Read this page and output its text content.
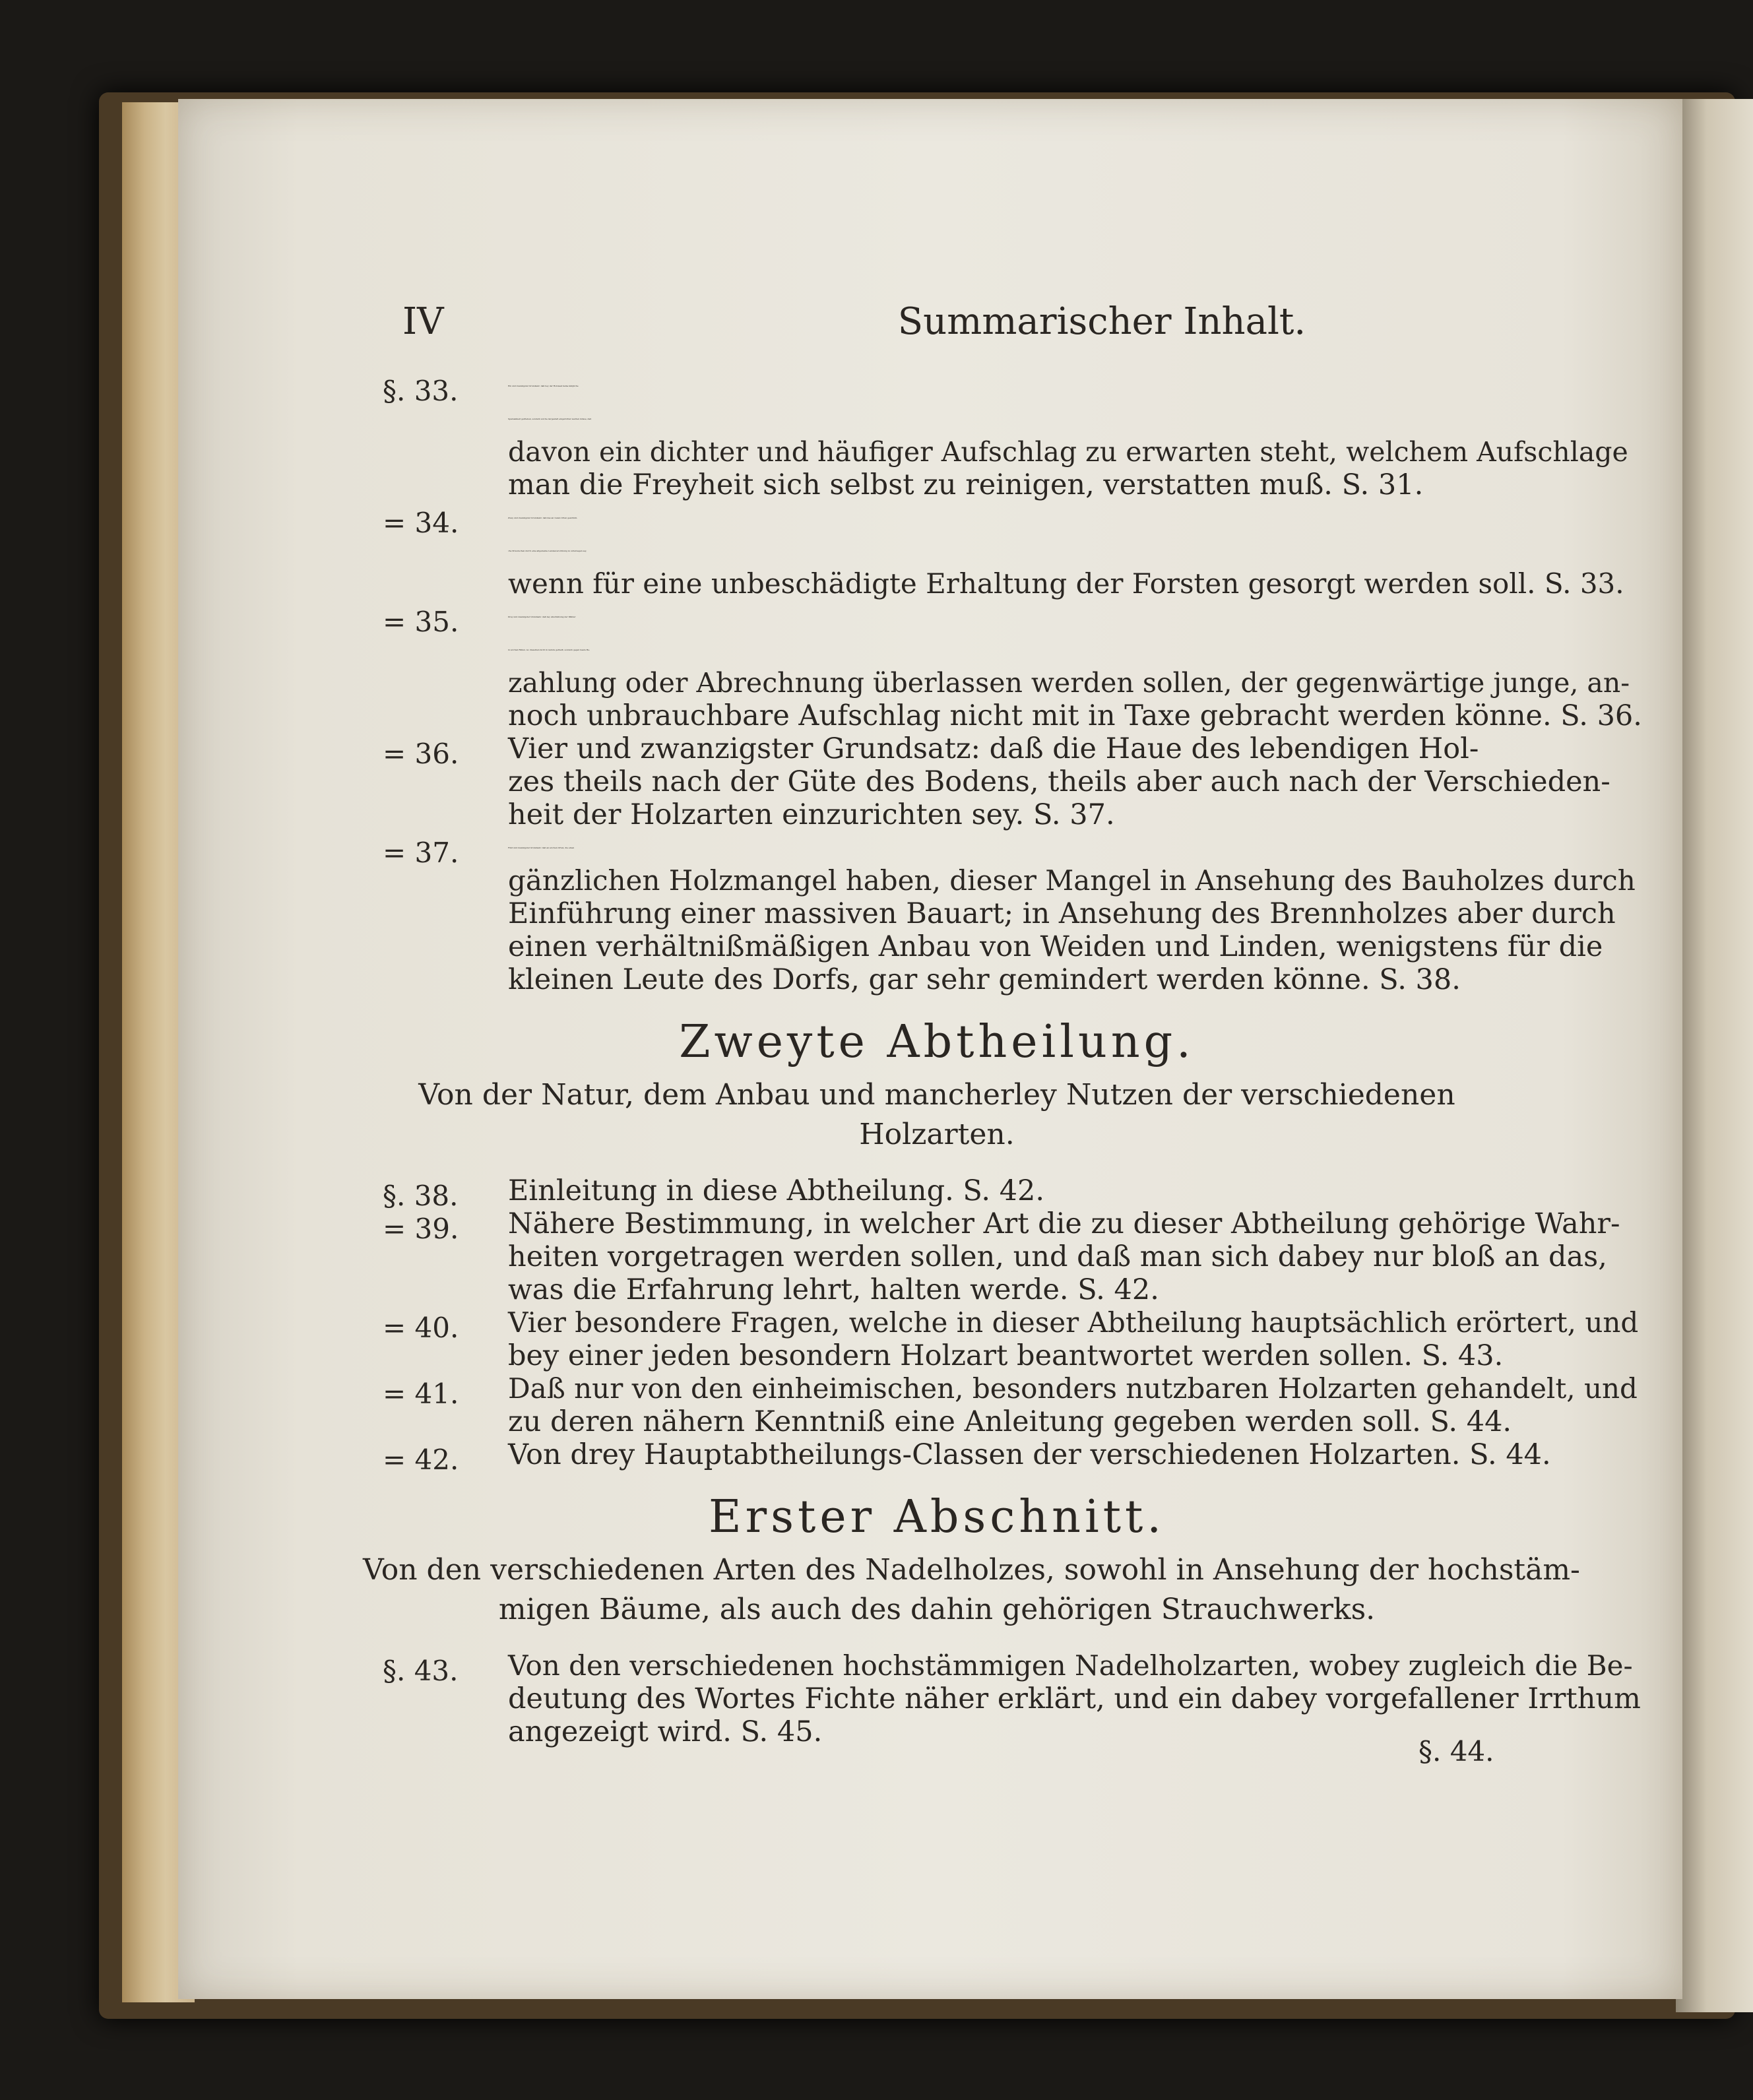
IV	Summarischer Inhalt.
§. 33.	Ein und zwanzigster Grundsatz: daß bey der Holzsaat keine kärgliche
Sparsamkeit getrieben, sondern solche dergestalt eingerichtet werden müsse, daß
davon ein dichter und häufiger Aufschlag zu erwarten steht, welchem Aufschlage
man die Freyheit sich selbst zu reinigen, verstatten muß. S. 31.
= 34.	Zwey und zwanzigster Grundsatz: daß das an vielen Orten gewöhnli-
che Streurechen durch eine allgemeine Landesverordnung zu untersagen sey,
wenn für eine unbeschädigte Erhaltung der Forsten gesorgt werden soll. S. 33.
= 35.	Drey und zwanzigster Grundsatz: daß bey Abschätzung der Wälder
in solchen Fällen, wo dieselben nicht in natura getheilt, sondern gegen baare Be-
zahlung oder Abrechnung überlassen werden sollen, der gegenwärtige junge, an-
noch unbrauchbare Aufschlag nicht mit in Taxe gebracht werden könne. S. 36.
= 36. Vier und zwanzigster Grundsatz: daß die Haue des lebendigen Hol-
zes theils nach der Güte des Bodens, theils aber auch nach der Verschieden-
heit der Holzarten einzurichten sey. S. 37.
= 37.	Fünf und zwanzigster Grundsatz: daß an solchen Orten, die einen
gänzlichen Holzmangel haben, dieser Mangel in Ansehung des Bauholzes durch
Einführung einer massiven Bauart; in Ansehung des Brennholzes aber durch
einen verhältnißmäßigen Anbau von Weiden und Linden, wenigstens für die
kleinen Leute des Dorfs, gar sehr gemindert werden könne. S. 38.
Zweyte Abtheilung.
Von der Natur, dem Anbau und mancherley Nutzen der verschiedenen
Holzarten.
§. 38. Einleitung in diese Abtheilung. S. 42.
= 39. Nähere Bestimmung, in welcher Art die zu dieser Abtheilung gehörige Wahr-
heiten vorgetragen werden sollen, und daß man sich dabey nur bloß an das,
was die Erfahrung lehrt, halten werde. S. 42.
= 40. Vier besondere Fragen, welche in dieser Abtheilung hauptsächlich erörtert, und
bey einer jeden besondern Holzart beantwortet werden sollen. S. 43.
= 41. Daß nur von den einheimischen, besonders nutzbaren Holzarten gehandelt, und
zu deren nähern Kenntniß eine Anleitung gegeben werden soll. S. 44.
= 42. Von drey Hauptabtheilungs-Classen der verschiedenen Holzarten. S. 44.
Erster Abschnitt.
Von den verschiedenen Arten des Nadelholzes, sowohl in Ansehung der hochstäm-
migen Bäume, als auch des dahin gehörigen Strauchwerks.
§. 43. Von den verschiedenen hochstämmigen Nadelholzarten, wobey zugleich die Be-
deutung des Wortes Fichte näher erklärt, und ein dabey vorgefallener Irrthum
angezeigt wird. S. 45.
§. 44.
